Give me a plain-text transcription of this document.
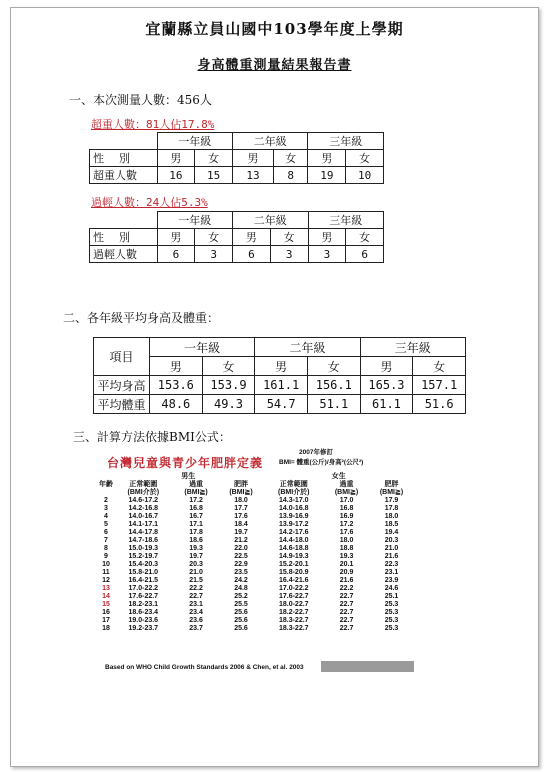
宜蘭縣立員山國中103學年度上學期
身高體重測量結果報告書
一、本次測量人數：456人
超重人數：81人佔17.8%
	一年級		二年級		三年級	
性　別	男	女	男	女	男	女
超重人數	16	15	13	8	19	10
過輕人數：24人佔5.3%
	一年級		二年級		三年級	
性　別	男	女	男	女	男	女
過輕人數	6	3	6	3	3	6
二、各年級平均身高及體重：
項目	一年級		二年級		三年級	
	男	女	男	女	男	女
平均身高	153.6	153.9	161.1	156.1	165.3	157.1
平均體重	48.6	49.3	54.7	51.1	61.1	51.6
三、計算方法依據BMI公式：
台灣兒童與青少年肥胖定義
2007年修訂
BMI= 體重(公斤)/身高²(公尺²)
年齡	男生			女生		
	正常範圍	過重	肥胖	正常範圍	過重	肥胖
	(BMI介於)	(BMI≧)	(BMI≧)	(BMI介於)	(BMI≧)	(BMI≧)
2	14.6-17.2	17.2	18.0	14.3-17.0	17.0	17.9
3	14.2-16.8	16.8	17.7	14.0-16.8	16.8	17.8
4	14.0-16.7	16.7	17.6	13.9-16.9	16.9	18.0
5	14.1-17.1	17.1	18.4	13.9-17.2	17.2	18.5
6	14.4-17.8	17.8	19.7	14.2-17.6	17.6	19.4
7	14.7-18.6	18.6	21.2	14.4-18.0	18.0	20.3
8	15.0-19.3	19.3	22.0	14.6-18.8	18.8	21.0
9	15.2-19.7	19.7	22.5	14.9-19.3	19.3	21.6
10	15.4-20.3	20.3	22.9	15.2-20.1	20.1	22.3
11	15.8-21.0	21.0	23.5	15.8-20.9	20.9	23.1
12	16.4-21.5	21.5	24.2	16.4-21.6	21.6	23.9
13	17.0-22.2	22.2	24.8	17.0-22.2	22.2	24.6
14	17.6-22.7	22.7	25.2	17.6-22.7	22.7	25.1
15	18.2-23.1	23.1	25.5	18.0-22.7	22.7	25.3
16	18.6-23.4	23.4	25.6	18.2-22.7	22.7	25.3
17	19.0-23.6	23.6	25.6	18.3-22.7	22.7	25.3
18	19.2-23.7	23.7	25.6	18.3-22.7	22.7	25.3
Based on WHO Child Growth Standards 2006 & Chen, et al. 2003
